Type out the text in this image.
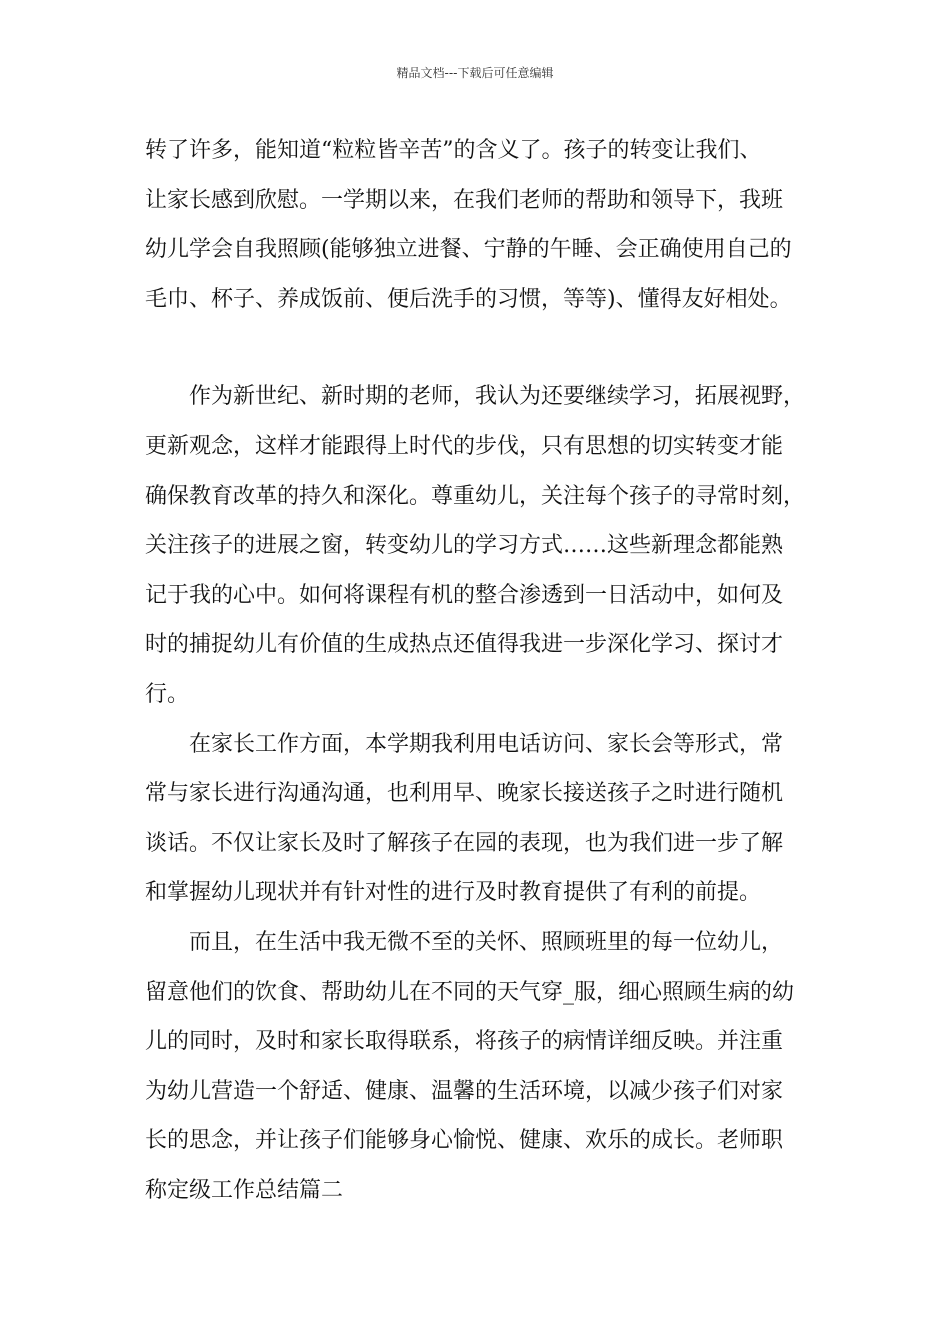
精品文档---下载后可任意编辑
转了许多，能知道“粒粒皆辛苦”的含义了。孩子的转变让我们、
让家长感到欣慰。一学期以来，在我们老师的帮助和领导下，我班
幼儿学会自我照顾(能够独立进餐、宁静的午睡、会正确使用自己的
毛巾、杯子、养成饭前、便后洗手的习惯，等等)、懂得友好相处。
　　作为新世纪、新时期的老师，我认为还要继续学习，拓展视野，
更新观念，这样才能跟得上时代的步伐，只有思想的切实转变才能
确保教育改革的持久和深化。尊重幼儿，关注每个孩子的寻常时刻，
关注孩子的进展之窗，转变幼儿的学习方式……这些新理念都能熟
记于我的心中。如何将课程有机的整合渗透到一日活动中，如何及
时的捕捉幼儿有价值的生成热点还值得我进一步深化学习、探讨才
行。
　　在家长工作方面，本学期我利用电话访问、家长会等形式，常
常与家长进行沟通沟通，也利用早、晚家长接送孩子之时进行随机
谈话。不仅让家长及时了解孩子在园的表现，也为我们进一步了解
和掌握幼儿现状并有针对性的进行及时教育提供了有利的前提。
　　而且，在生活中我无微不至的关怀、照顾班里的每一位幼儿，
留意他们的饮食、帮助幼儿在不同的天气穿_服，细心照顾生病的幼
儿的同时，及时和家长取得联系，将孩子的病情详细反映。并注重
为幼儿营造一个舒适、健康、温馨的生活环境，以减少孩子们对家
长的思念，并让孩子们能够身心愉悦、健康、欢乐的成长。老师职
称定级工作总结篇二
